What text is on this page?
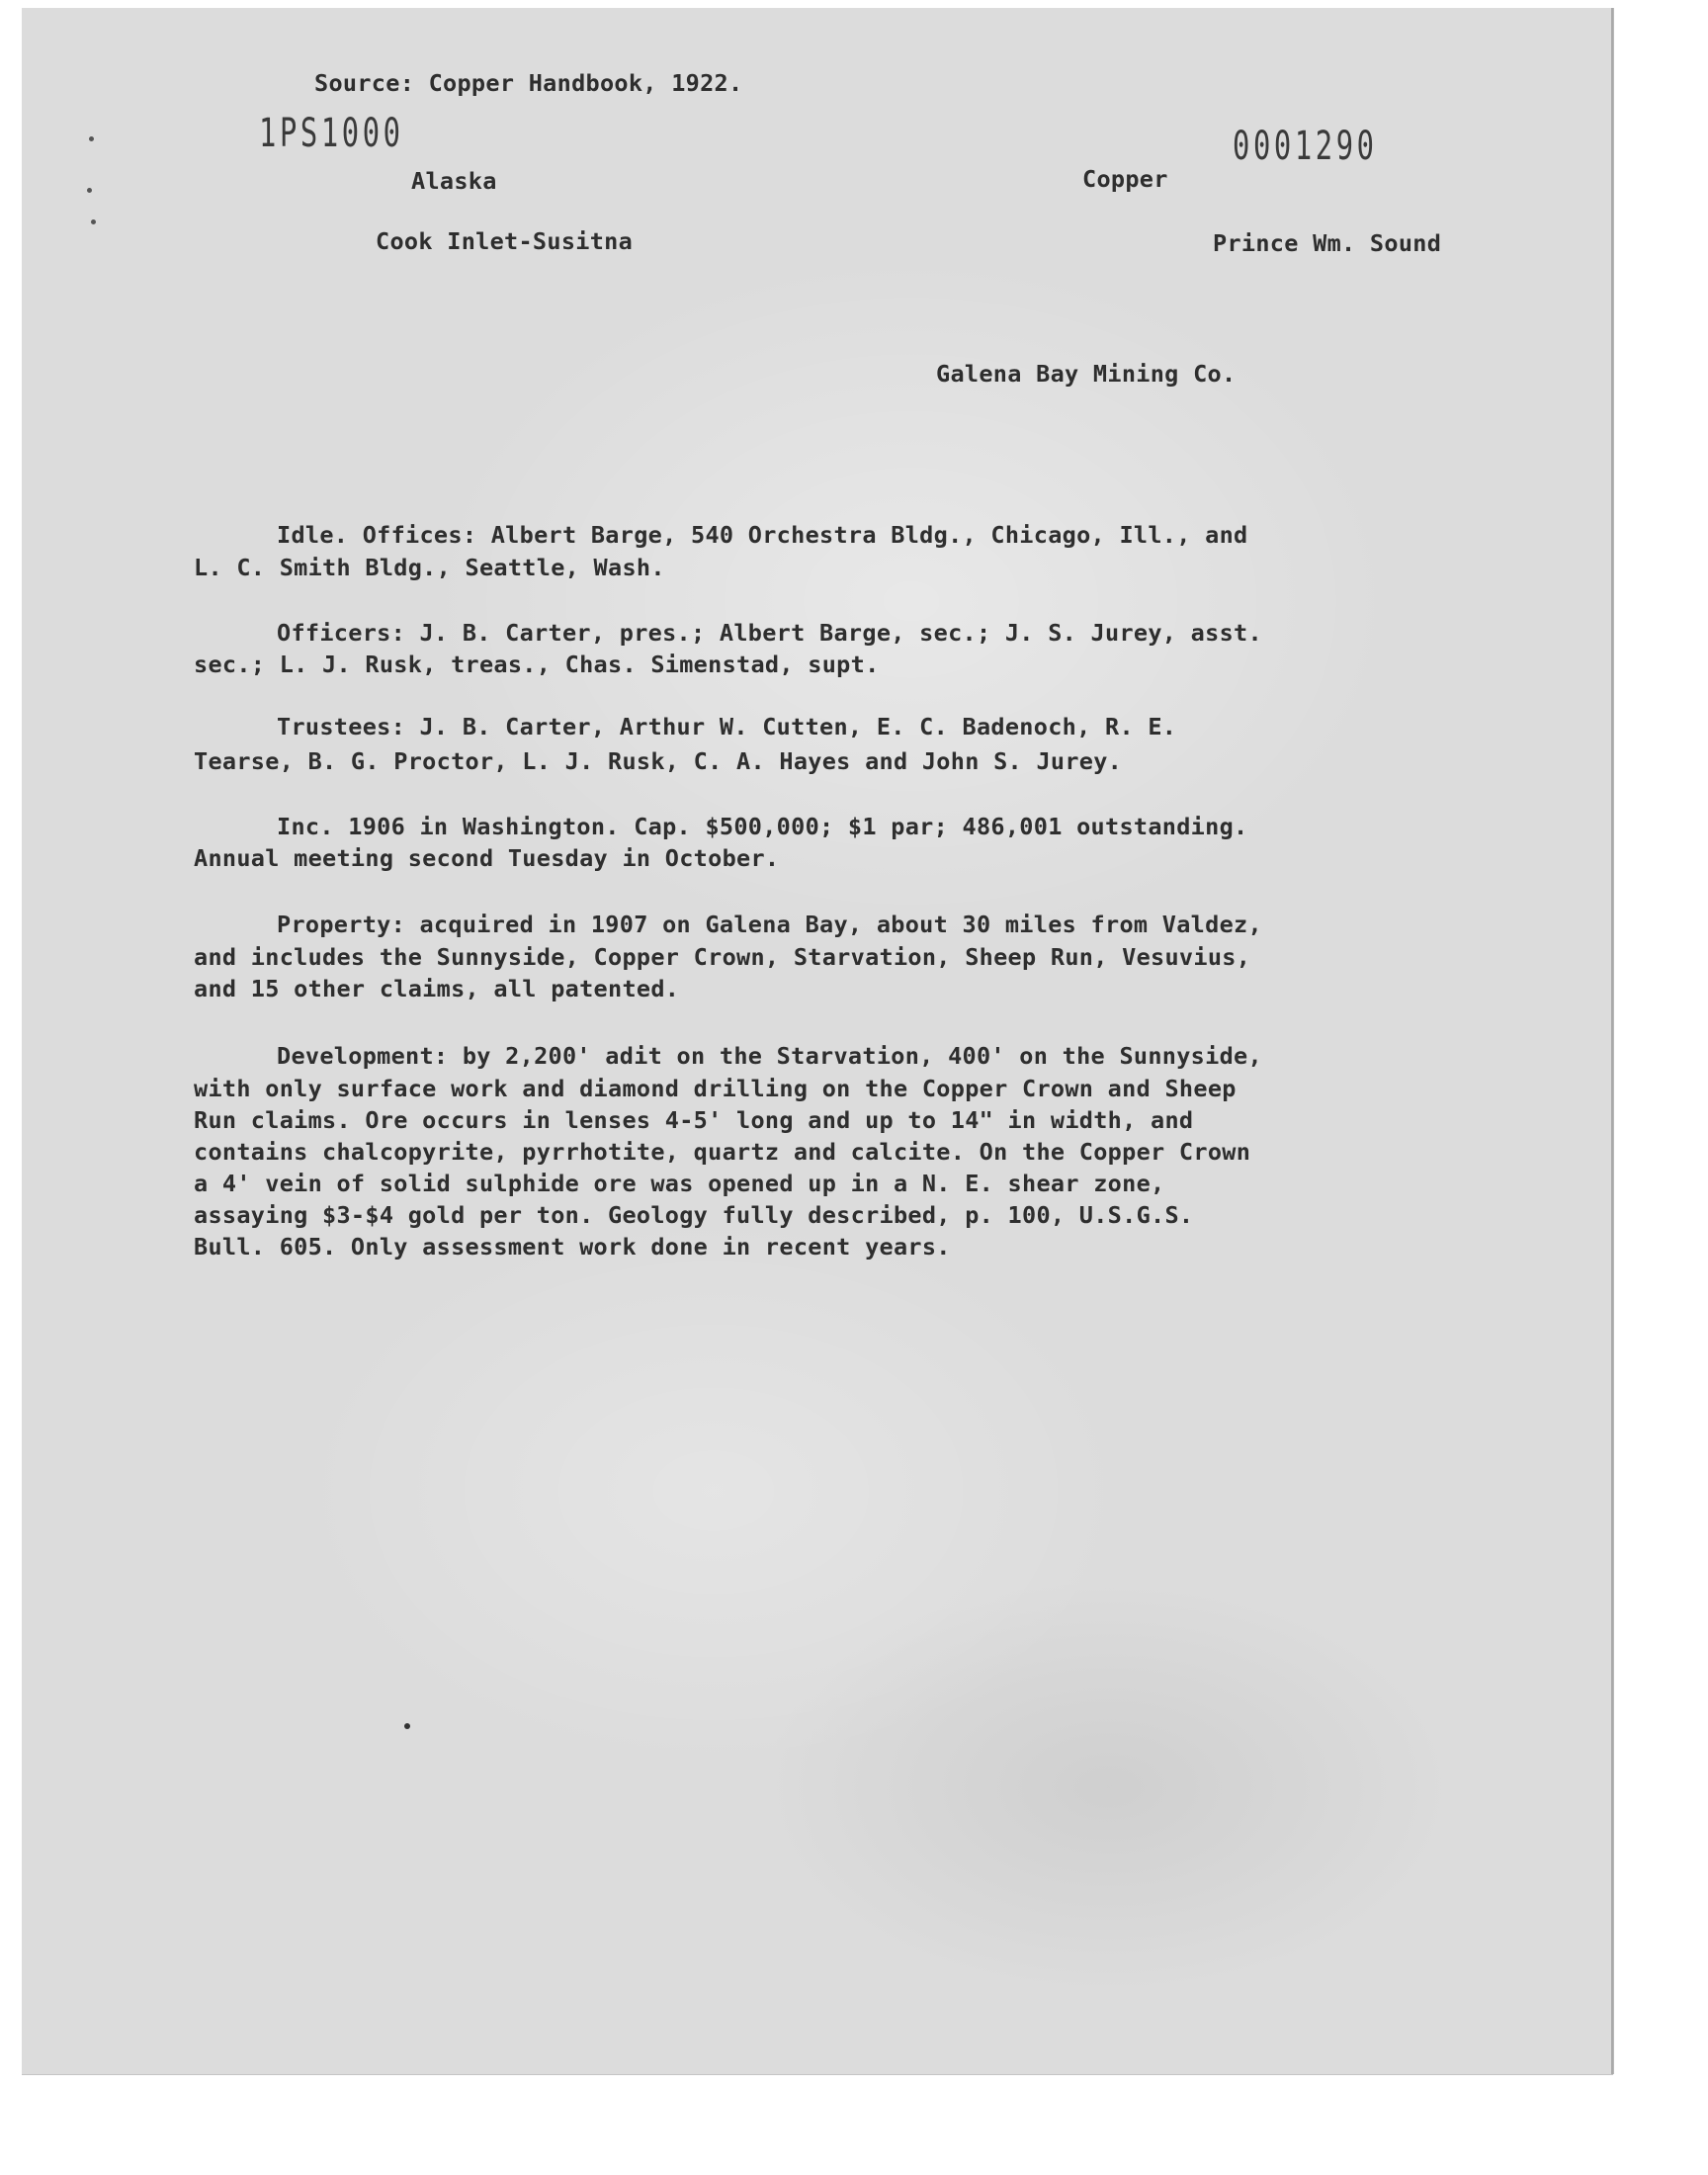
Source: Copper Handbook, 1922.
1PS1000	0001290
Alaska	Copper
Cook Inlet-Susitna	Prince Wm. Sound
Galena Bay Mining Co.
Idle. Offices: Albert Barge, 540 Orchestra Bldg., Chicago, Ill., and
L. C. Smith Bldg., Seattle, Wash.
Officers: J. B. Carter, pres.; Albert Barge, sec.; J. S. Jurey, asst.
sec.; L. J. Rusk, treas., Chas. Simenstad, supt.
Trustees: J. B. Carter, Arthur W. Cutten, E. C. Badenoch, R. E.
Tearse, B. G. Proctor, L. J. Rusk, C. A. Hayes and John S. Jurey.
Inc. 1906 in Washington. Cap. $500,000; $1 par; 486,001 outstanding.
Annual meeting second Tuesday in October.
Property: acquired in 1907 on Galena Bay, about 30 miles from Valdez,
and includes the Sunnyside, Copper Crown, Starvation, Sheep Run, Vesuvius,
and 15 other claims, all patented.
Development: by 2,200' adit on the Starvation, 400' on the Sunnyside,
with only surface work and diamond drilling on the Copper Crown and Sheep
Run claims. Ore occurs in lenses 4-5' long and up to 14" in width, and
contains chalcopyrite, pyrrhotite, quartz and calcite. On the Copper Crown
a 4' vein of solid sulphide ore was opened up in a N. E. shear zone,
assaying $3-$4 gold per ton. Geology fully described, p. 100, U.S.G.S.
Bull. 605. Only assessment work done in recent years.
